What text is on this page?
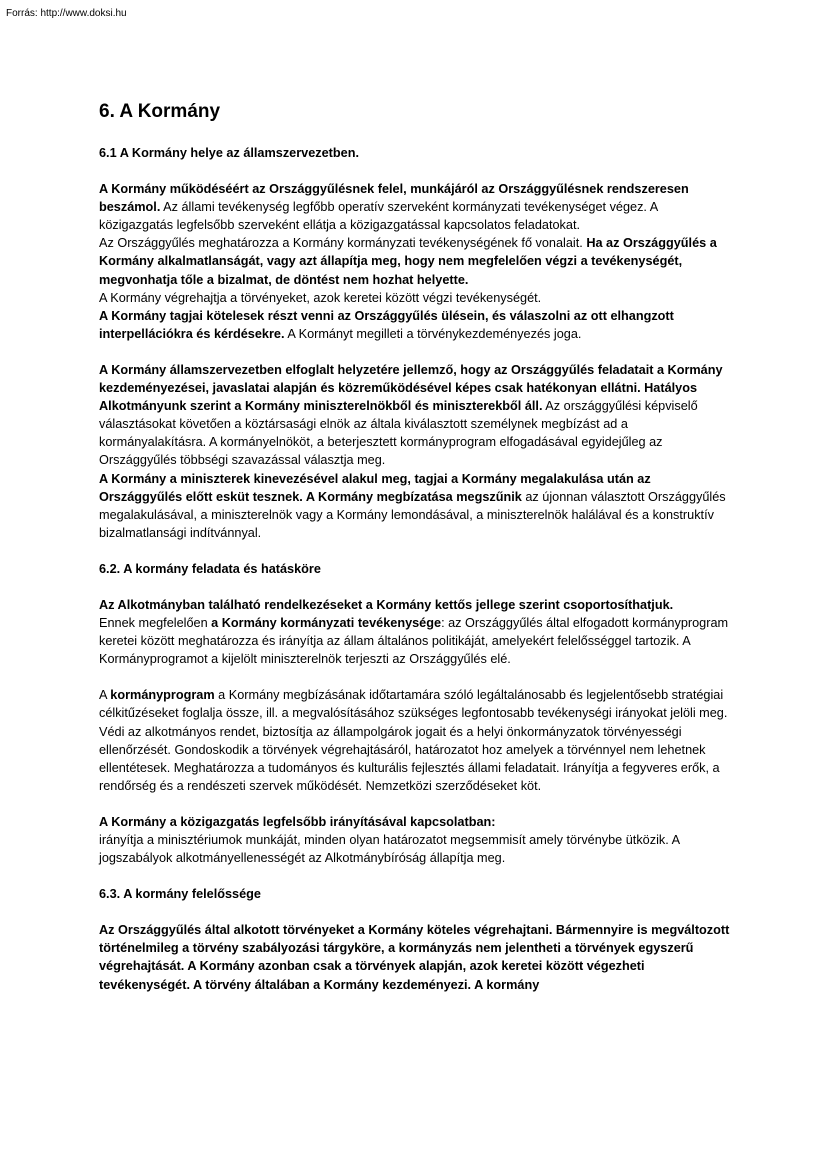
Forrás: http://www.doksi.hu
6. A Kormány
6.1 A Kormány helye az államszervezetben.

A Kormány működéséért az Országgyűlésnek felel, munkájáról az Országgyűlésnek rendszeresen beszámol. Az állami tevékenység legfőbb operatív szerveként kormányzati tevékenységet végez. A közigazgatás legfelsőbb szerveként ellátja a közigazgatással kapcsolatos feladatokat.

Az Országgyűlés meghatározza a Kormány kormányzati tevékenységének fő vonalait. Ha az Országgyűlés a Kormány alkalmatlanságát, vagy azt állapítja meg, hogy nem megfelelően végzi a tevékenységét, megvonhatja tőle a bizalmat, de döntést nem hozhat helyette.

A Kormány végrehajtja a törvényeket, azok keretei között végzi tevékenységét.

A Kormány tagjai kötelesek részt venni az Országgyűlés ülésein, és válaszolni az ott elhangzott interpellációkra és kérdésekre. A Kormányt megilleti a törvénykezdeményezés joga.

A Kormány államszervezetben elfoglalt helyzetére jellemző, hogy az Országgyűlés feladatait a Kormány kezdeményezései, javaslatai alapján és közreműködésével képes csak hatékonyan ellátni. Hatályos Alkotmányunk szerint a Kormány miniszterelnökből és miniszterekből áll. Az országgyűlési képviselő választásokat követően a köztársasági elnök az általa kiválasztott személynek megbízást ad a kormányalakításra. A kormányelnököt, a beterjesztett kormányprogram elfogadásával egyidejűleg az Országgyűlés többségi szavazással választja meg.

A Kormány a miniszterek kinevezésével alakul meg, tagjai a Kormány megalakulása után az Országgyűlés előtt esküt tesznek. A Kormány megbízatása megszűnik az újonnan választott Országgyűlés megalakulásával, a miniszterelnök vagy a Kormány lemondásával, a miniszterelnök halálával és a konstruktív bizalmatlansági indítvánnyal.

6.2. A kormány feladata és hatásköre

Az Alkotmányban található rendelkezéseket a Kormány kettős jellege szerint csoportosíthatjuk.

Ennek megfelelően a Kormány kormányzati tevékenysége: az Országgyűlés által elfogadott kormányprogram keretei között meghatározza és irányítja az állam általános politikáját, amelyekért felelősséggel tartozik. A Kormányprogramot a kijelölt miniszterelnök terjeszti az Országgyűlés elé.

A kormányprogram a Kormány megbízásának időtartamára szóló legáltalánosabb és legjelentősebb stratégiai célkitűzéseket foglalja össze, ill. a megvalósításához szükséges legfontosabb tevékenységi irányokat jelöli meg.

Védi az alkotmányos rendet, biztosítja az állampolgárok jogait és a helyi önkormányzatok törvényességi ellenőrzését. Gondoskodik a törvények végrehajtásáról, határozatot hoz amelyek a törvénnyel nem lehetnek ellentétesek. Meghatározza a tudományos és kulturális fejlesztés állami feladatait. Irányítja a fegyveres erők, a rendőrség és a rendészeti szervek működését. Nemzetközi szerződéseket köt.

A Kormány a közigazgatás legfelsőbb irányításával kapcsolatban:

irányítja a minisztériumok munkáját, minden olyan határozatot megsemmisít amely törvénybe ütközik. A jogszabályok alkotmányellenességét az Alkotmánybíróság állapítja meg.

6.3. A kormány felelőssége

Az Országgyűlés által alkotott törvényeket a Kormány köteles végrehajtani. Bármennyire is megváltozott történelmileg a törvény szabályozási tárgyköre, a kormányzás nem jelentheti a törvények egyszerű végrehajtását. A Kormány azonban csak a törvények alapján, azok keretei között végezheti tevékenységét. A törvény általában a Kormány kezdeményezi. A kormány
